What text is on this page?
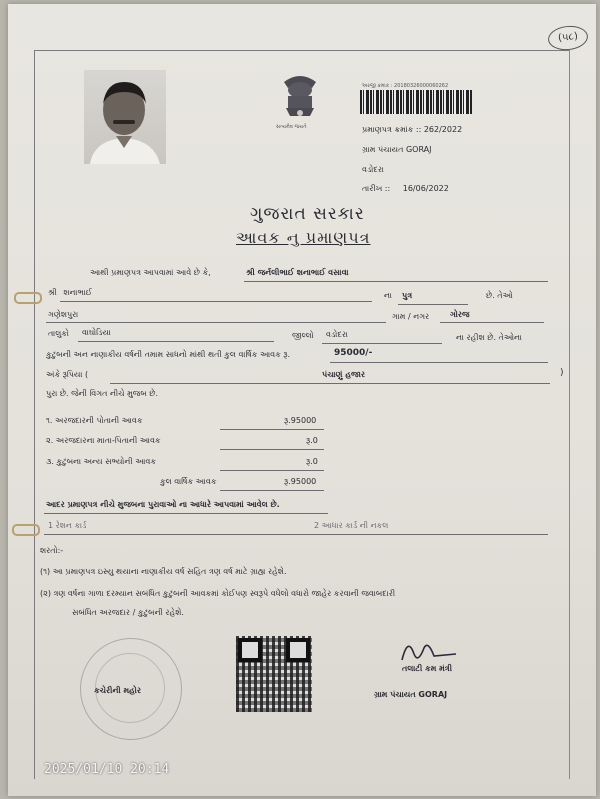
(૫૮)
સત્યમેવ જયતે
અરજી ક્રમાંક : 20180326000060262
પ્રમાણપત્ર ક્રમાંક :: 262/2022
ગ્રામ પંચાયત GORAJ
વડોદરા
તારીખ :: 16/06/2022
ગુજરાત સરકાર
આવક નુ પ્રમાણપત્ર
આથી પ્રમાણપત્ર આપવામાં આવે છે કે,	શ્રી જર્નલીભાઈ શનાભાઈ વસાવા
શ્રી શનાભાઈ	ના પુત્ર	છે. તેઓ
ગણેશપુરા	ગામ / નગર	ગોરજ
તાલુકો વાઘોડિયા	જીલ્લો વડોદરા	ના રહીશ છે. તેઓના
કુટુંબની અન નાણાકીય વર્ષની તમામ સાધનો માંથી થતી કુલ વાર્ષિક આવક રૂ.	95000/-
અંકે રૂપિયા (	પંચાણું હજાર	)
પુરા છે. જેની વિગત નીચે મુજબ છે.
૧. અરજદારની પોતાની આવક	રૂ.95000
૨. અરજદારના માતા-પિતાની આવક	રૂ.0
૩. કુટુંબના અન્ય સભ્યોની આવક	રૂ.0
કુલ વાર્ષિક આવક	રૂ.95000
આદર પ્રમાણપત્ર નીચે મુજબના પુરાવાઓ ના આધારે આપવામાં આવેલ છે.
1 રેશન કાર્ડ	2 આધાર કાર્ડ ની નકલ
શરતો:-
(૧) આ પ્રમાણપત્ર ઇસ્યુ થયાના નાણાકીય વર્ષ સહિત ત્રણ વર્ષ માટે ગ્રાહ્ય રહેશે.
(૨) ત્રણ વર્ષના ગાળા દરમ્યાન સબંધિત કુટુંબની આવકમાં કોઈપણ સ્વરૂપે વધેલો વધારો જાહેર કરવાની જવાબદારી
સબંધિત અરજદાર / કુટુંબની રહેશે.
કચેરીની મહોર
તલાટી કમ મંત્રી
ગ્રામ પંચાયત GORAJ
2025/01/10 20:14
